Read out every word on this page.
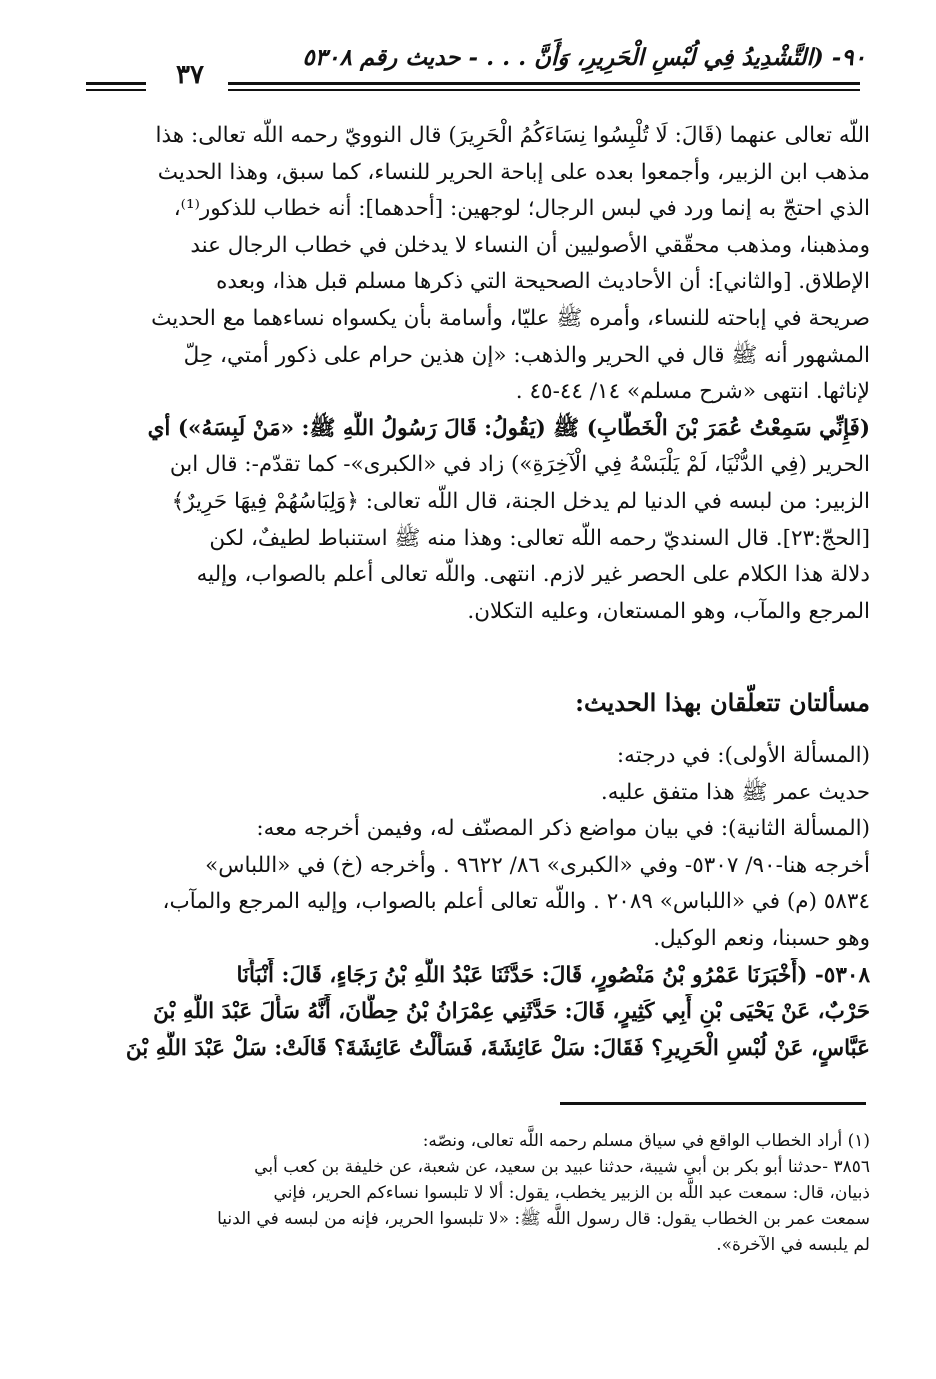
٩٠- (التَّشْدِيدُ فِي لُبْسِ الْحَرِيرِ، وَأَنَّ . . . - حديث رقم ٥٣٠٨
٣٧
اللَّه تعالى عنهما (قَالَ: لَا تُلْبِسُوا نِسَاءَكُمُ الْحَرِيرَ) قال النوويّ رحمه اللَّه تعالى: هذا
مذهب ابن الزبير، وأجمعوا بعده على إباحة الحرير للنساء، كما سبق، وهذا الحديث
الذي احتجّ به إنما ورد في لبس الرجال؛ لوجهين: [أحدهما]: أنه خطاب للذكور⁽¹⁾،
ومذهبنا، ومذهب محقّقي الأصوليين أن النساء لا يدخلن في خطاب الرجال عند
الإطلاق. [والثاني]: أن الأحاديث الصحيحة التي ذكرها مسلم قبل هذا، وبعده
صريحة في إباحته للنساء، وأمره ﷺ عليّا، وأسامة بأن يكسواه نساءهما مع الحديث
المشهور أنه ﷺ قال في الحرير والذهب: «إن هذين حرام على ذكور أمتي، حِلّ
لإناثها. انتهى «شرح مسلم» ١٤/ ٤٤-٤٥ .
(فَإِنِّي سَمِعْتُ عُمَرَ بْنَ الْخَطَّابِ) ﷺ (يَقُولُ: قَالَ رَسُولُ اللَّهِ ﷺ: «مَنْ لَبِسَهُ») أي
الحرير (فِي الدُّنْيَا، لَمْ يَلْبَسْهُ فِي الْآخِرَةِ») زاد في «الكبرى»- كما تقدّم-: قال ابن
الزبير: من لبسه في الدنيا لم يدخل الجنة، قال اللَّه تعالى: ﴿وَلِبَاسُهُمْ فِيهَا حَرِيرٌ﴾
[الحجّ:٢٣]. قال السنديّ رحمه اللَّه تعالى: وهذا منه ﷺ استنباط لطيفٌ، لكن
دلالة هذا الكلام على الحصر غير لازم. انتهى. واللَّه تعالى أعلم بالصواب، وإليه
المرجع والمآب، وهو المستعان، وعليه التكلان.
مسألتان تتعلّقان بهذا الحديث:
(المسألة الأولى): في درجته:
حديث عمر ﷺ هذا متفق عليه.
(المسألة الثانية): في بيان مواضع ذكر المصنّف له، وفيمن أخرجه معه:
أخرجه هنا-٩٠/ ٥٣٠٧- وفي «الكبرى» ٨٦/ ٩٦٢٢ . وأخرجه (خ) في «اللباس»
٥٨٣٤ (م) في «اللباس» ٢٠٨٩ . واللَّه تعالى أعلم بالصواب، وإليه المرجع والمآب،
وهو حسبنا، ونعم الوكيل.
٥٣٠٨- (أَخْبَرَنَا عَمْرُو بْنُ مَنْصُورٍ، قَالَ: حَدَّثَنَا عَبْدُ اللَّهِ بْنُ رَجَاءٍ، قَالَ: أَنْبَأَنَا
حَرْبٌ، عَنْ يَحْيَى بْنِ أَبِي كَثِيرٍ، قَالَ: حَدَّثَنِي عِمْرَانُ بْنُ حِطَّانَ، أَنَّهُ سَأَلَ عَبْدَ اللَّهِ بْنَ
عَبَّاسٍ، عَنْ لُبْسِ الْحَرِيرِ؟ فَقَالَ: سَلْ عَائِشَةَ، فَسَأَلْتُ عَائِشَةَ؟ قَالَتْ: سَلْ عَبْدَ اللَّهِ بْنَ
(١) أراد الخطاب الواقع في سياق مسلم رحمه اللَّه تعالى، ونصّه:
٣٨٥٦ -حدثنا أبو بكر بن أبي شيبة، حدثنا عبيد بن سعيد، عن شعبة، عن خليفة بن كعب أبي
ذبيان، قال: سمعت عبد اللَّه بن الزبير يخطب، يقول: ألا لا تلبسوا نساءكم الحرير، فإني
سمعت عمر بن الخطاب يقول: قال رسول اللَّه ﷺ: «لا تلبسوا الحرير، فإنه من لبسه في الدنيا
لم يلبسه في الآخرة».
